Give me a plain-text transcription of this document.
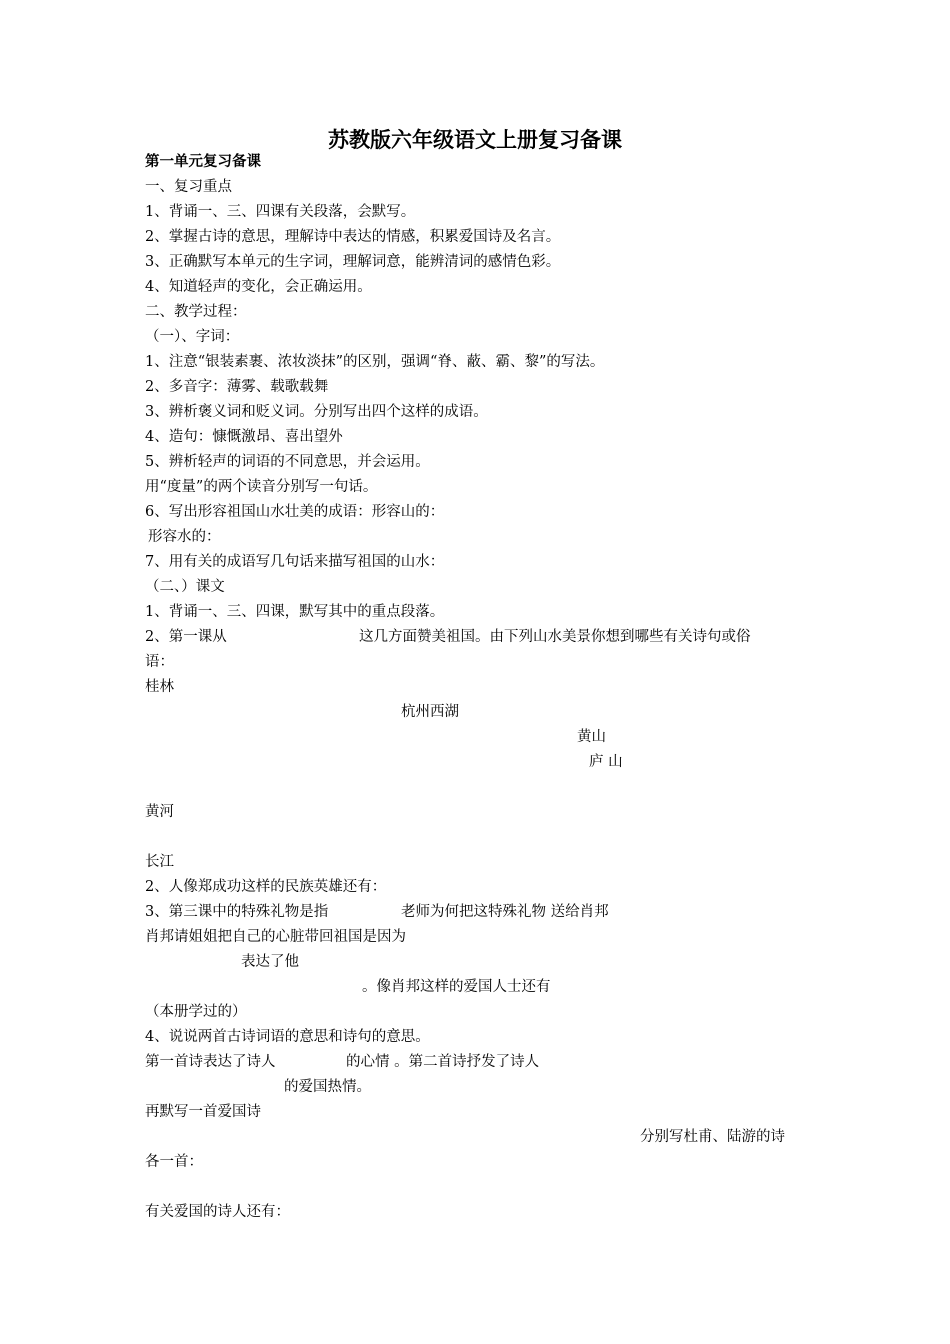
苏教版六年级语文上册复习备课
第一单元复习备课
一、复习重点
1、背诵一、三、四课有关段落，会默写。
2、掌握古诗的意思，理解诗中表达的情感，积累爱国诗及名言。
3、正确默写本单元的生字词，理解词意，能辨清词的感情色彩。
4、知道轻声的变化，会正确运用。
二、教学过程：
（一）、字词：
1、注意“银装素裹、浓妆淡抹”的区别，强调“脊、蔽、霸、黎”的写法。
2、多音字：薄雾、载歌载舞
3、辨析褒义词和贬义词。分别写出四个这样的成语。
4、造句：慷慨激昂、喜出望外
5、辨析轻声的词语的不同意思，并会运用。
用“度量”的两个读音分别写一句话。
6、写出形容祖国山水壮美的成语：形容山的：
形容水的：
7、用有关的成语写几句话来描写祖国的山水：
（二、）课文
1、背诵一、三、四课，默写其中的重点段落。
2、第一课从	这几方面赞美祖国。由下列山水美景你想到哪些有关诗句或俗
语：
桂林
杭州西湖
黄山
庐 山
黄河
长江
2、人像郑成功这样的民族英雄还有：
3、第三课中的特殊礼物是指	老师为何把这特殊礼物 送给肖邦
肖邦请姐姐把自己的心脏带回祖国是因为
表达了他
。像肖邦这样的爱国人士还有
（本册学过的）
4、说说两首古诗词语的意思和诗句的意思。
第一首诗表达了诗人	的心情 。第二首诗抒发了诗人
的爱国热情。
再默写一首爱国诗
分别写杜甫、陆游的诗
各一首：
有关爱国的诗人还有：
